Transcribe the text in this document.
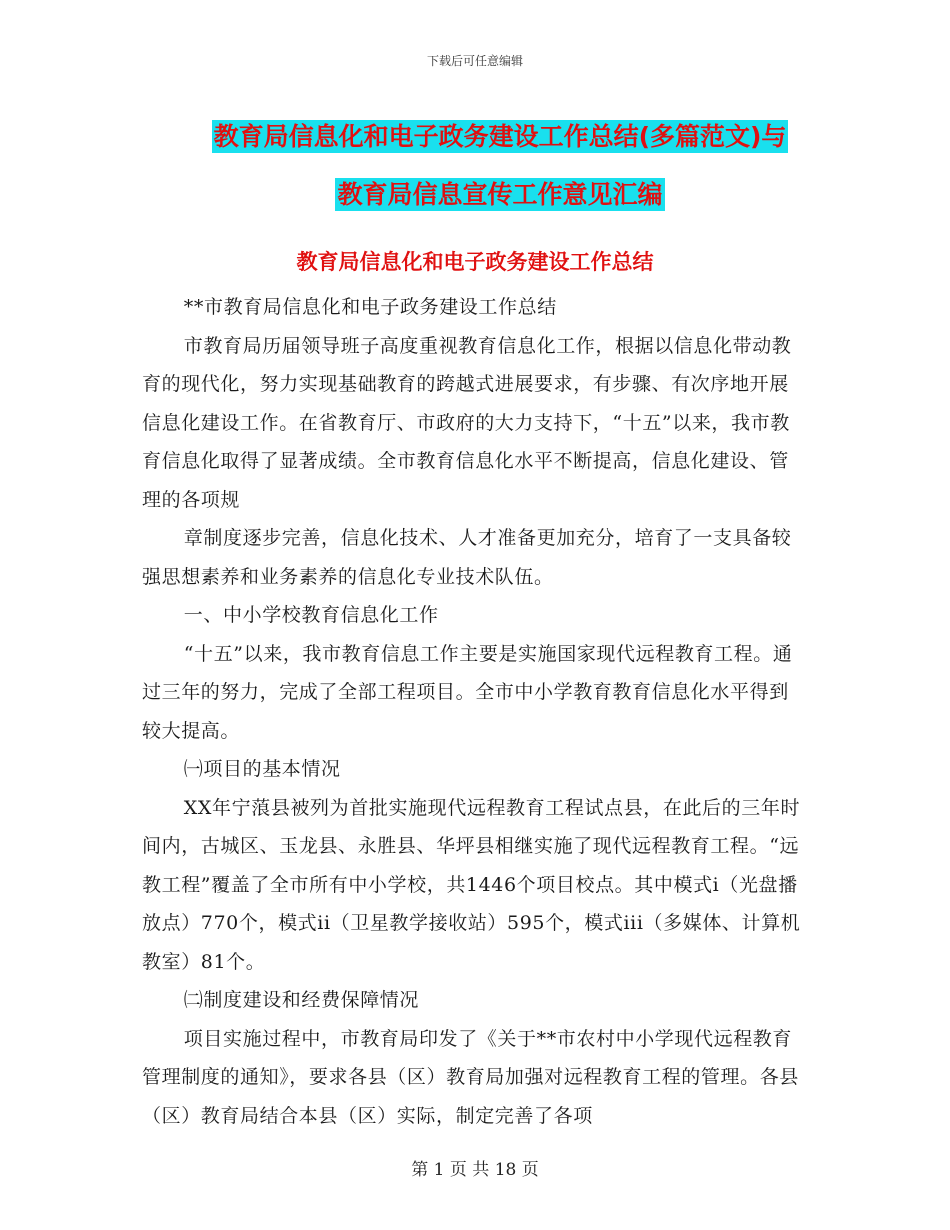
下载后可任意编辑
教育局信息化和电子政务建设工作总结(多篇范文)与
教育局信息宣传工作意见汇编
教育局信息化和电子政务建设工作总结

**市教育局信息化和电子政务建设工作总结

市教育局历届领导班子高度重视教育信息化工作，根据以信息化带动教育的现代化，努力实现基础教育的跨越式进展要求，有步骤、有次序地开展信息化建设工作。在省教育厅、市政府的大力支持下，“十五”以来，我市教育信息化取得了显著成绩。全市教育信息化水平不断提高，信息化建设、管理的各项规

章制度逐步完善，信息化技术、人才准备更加充分，培育了一支具备较强思想素养和业务素养的信息化专业技术队伍。

一、中小学校教育信息化工作

“十五”以来，我市教育信息工作主要是实施国家现代远程教育工程。通过三年的努力，完成了全部工程项目。全市中小学教育教育信息化水平得到较大提高。

㈠项目的基本情况

XX年宁蒗县被列为首批实施现代远程教育工程试点县，在此后的三年时间内，古城区、玉龙县、永胜县、华坪县相继实施了现代远程教育工程。“远教工程”覆盖了全市所有中小学校，共1446个项目校点。其中模式i（光盘播放点）770个，模式ii（卫星教学接收站）595个，模式iii（多媒体、计算机教室）81个。

㈡制度建设和经费保障情况

项目实施过程中，市教育局印发了《关于**市农村中小学现代远程教育管理制度的通知》，要求各县（区）教育局加强对远程教育工程的管理。各县（区）教育局结合本县（区）实际，制定完善了各项

第 1 页 共 18 页
